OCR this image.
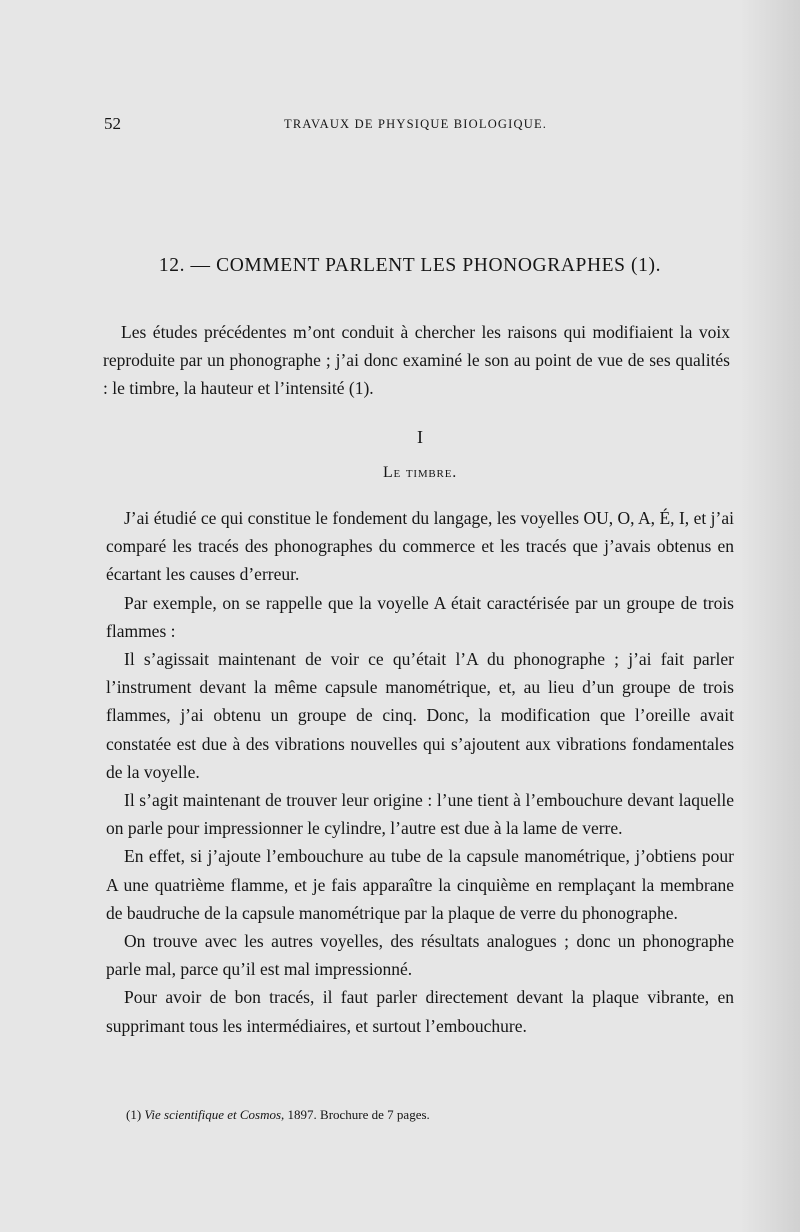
52	TRAVAUX DE PHYSIQUE BIOLOGIQUE.
12. — COMMENT PARLENT LES PHONOGRAPHES (1).

Les études précédentes m’ont conduit à chercher les raisons qui modifiaient la voix reproduite par un phonographe ; j’ai donc examiné le son au point de vue de ses qualités : le timbre, la hauteur et l’intensité (1).

I
Le timbre.

J’ai étudié ce qui constitue le fondement du langage, les voyelles OU, O, A, É, I, et j’ai comparé les tracés des phonographes du commerce et les tracés que j’avais obtenus en écartant les causes d’erreur.

Par exemple, on se rappelle que la voyelle A était caractérisée par un groupe de trois flammes :

Il s’agissait maintenant de voir ce qu’était l’A du phonographe ; j’ai fait parler l’instrument devant la même capsule manométrique, et, au lieu d’un groupe de trois flammes, j’ai obtenu un groupe de cinq. Donc, la modification que l’oreille avait constatée est due à des vibrations nouvelles qui s’ajoutent aux vibrations fondamentales de la voyelle.

Il s’agit maintenant de trouver leur origine : l’une tient à l’embouchure devant laquelle on parle pour impressionner le cylindre, l’autre est due à la lame de verre.

En effet, si j’ajoute l’embouchure au tube de la capsule manométrique, j’obtiens pour A une quatrième flamme, et je fais apparaître la cinquième en remplaçant la membrane de baudruche de la capsule manométrique par la plaque de verre du phonographe.

On trouve avec les autres voyelles, des résultats analogues ; donc un phonographe parle mal, parce qu’il est mal impressionné.

Pour avoir de bon tracés, il faut parler directement devant la plaque vibrante, en supprimant tous les intermédiaires, et surtout l’embouchure.

(1) Vie scientifique et Cosmos, 1897. Brochure de 7 pages.
